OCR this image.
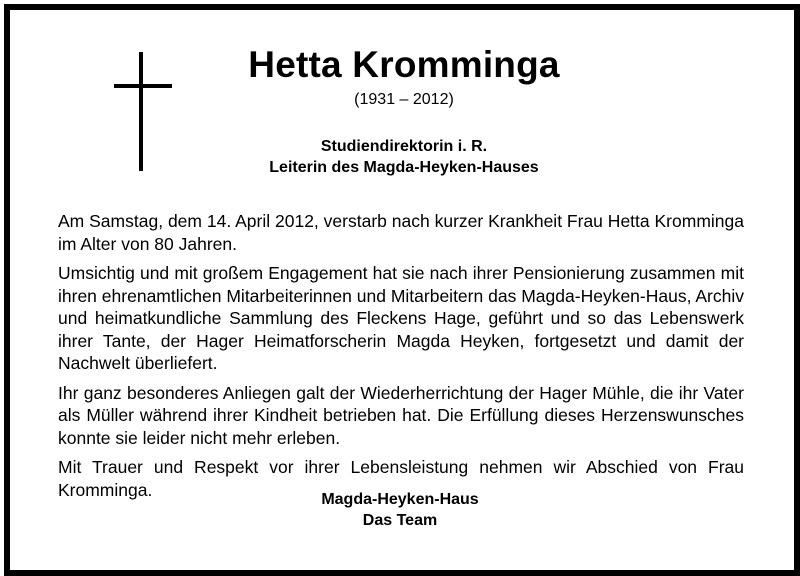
Hetta Kromminga
(1931 – 2012)
Studiendirektorin i. R.
Leiterin des Magda-Heyken-Hauses

Am Samstag, dem 14. April 2012, verstarb nach kurzer Krankheit Frau Hetta Kromminga im Alter von 80 Jahren.

Umsichtig und mit großem Engagement hat sie nach ihrer Pensionierung zusammen mit ihren ehrenamtlichen Mitarbeiterinnen und Mitarbeitern das Magda-Heyken-Haus, Archiv und heimatkundliche Sammlung des Fleckens Hage, geführt und so das Lebenswerk ihrer Tante, der Hager Heimatforscherin Magda Heyken, fortgesetzt und damit der Nachwelt überliefert.

Ihr ganz besonderes Anliegen galt der Wiederherrichtung der Hager Mühle, die ihr Vater als Müller während ihrer Kindheit betrieben hat. Die Erfüllung dieses Herzenswunsches konnte sie leider nicht mehr erleben.

Mit Trauer und Respekt vor ihrer Lebensleistung nehmen wir Abschied von Frau Kromminga.	Magda-Heyken-Haus
Das Team
